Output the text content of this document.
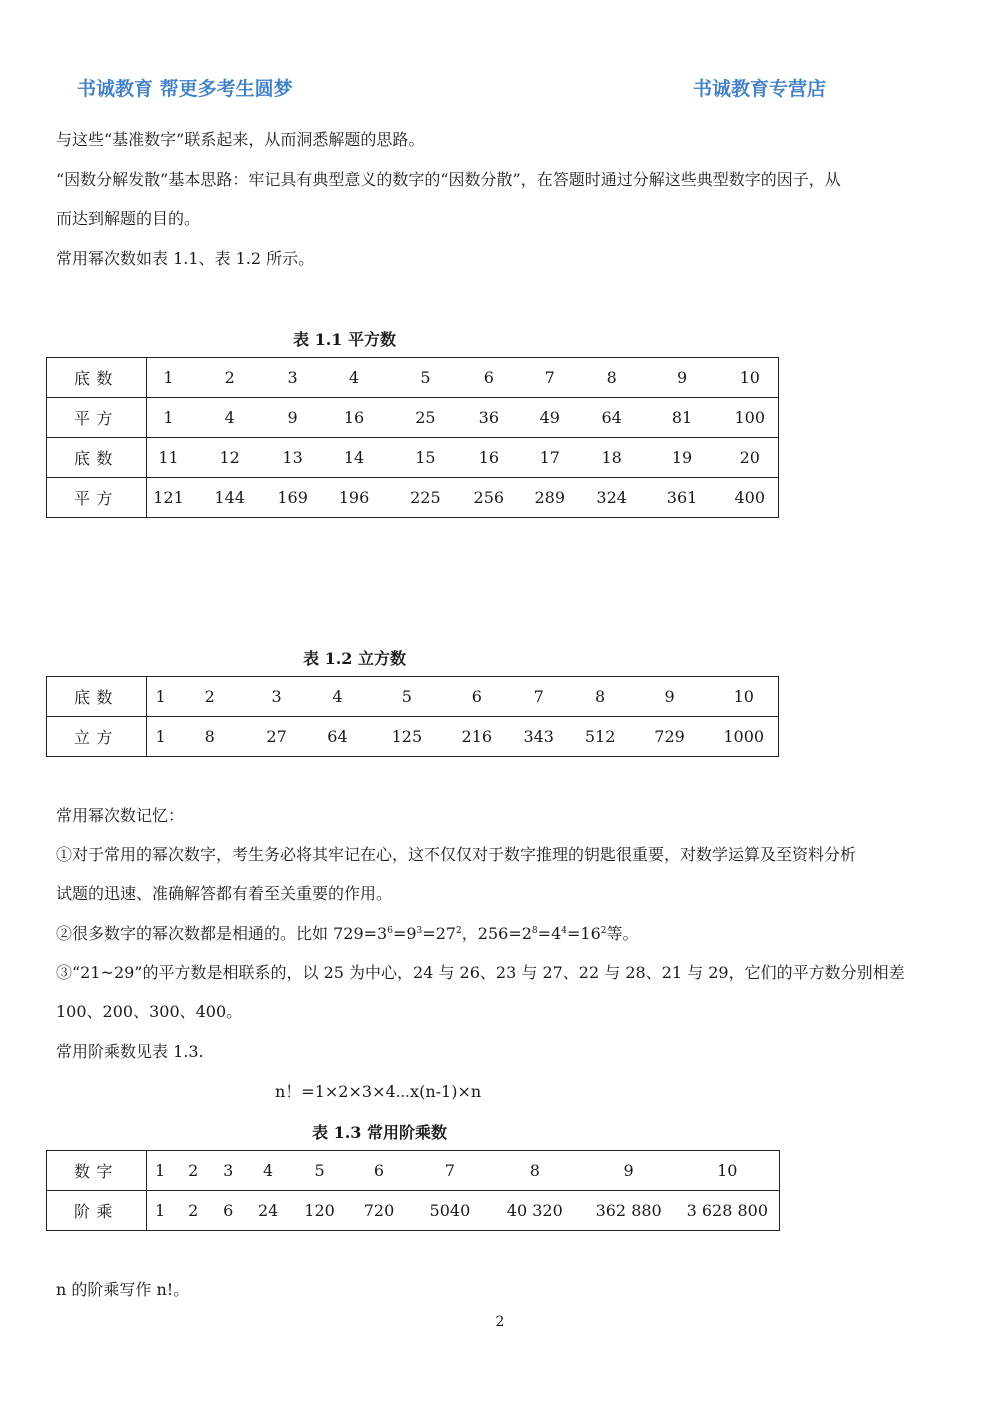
书诚教育 帮更多考生圆梦	书诚教育专营店
与这些“基准数字”联系起来，从而洞悉解题的思路。
“因数分解发散”基本思路：牢记具有典型意义的数字的“因数分散”，在答题时通过分解这些典型数字的因子，从
而达到解题的目的。
常用幂次数如表 1.1、表 1.2 所示。
表 1.1 平方数
底数	1	2	3	4	5	6	7	8	9	10
平方	1	4	9	16	25	36	49	64	81	100
底数	11	12	13	14	15	16	17	18	19	20
平方	121	144	169	196	225	256	289	324	361	400
表 1.2 立方数
底数	1	2	3	4	5	6	7	8	9	10
立方	1	8	27	64	125	216	343	512	729	1000
常用幂次数记忆：
①对于常用的幂次数字，考生务必将其牢记在心，这不仅仅对于数字推理的钥匙很重要，对数学运算及至资料分析
试题的迅速、准确解答都有着至关重要的作用。
②很多数字的幂次数都是相通的。比如 $729=3^6=9^3=27^2$，$256=2^8=4^4=16^2$等。
③“21~29”的平方数是相联系的，以 25 为中心，24 与 26、23 与 27、22 与 28、21 与 29，它们的平方数分别相差
100、200、300、400。
常用阶乘数见表 1.3.
n！=1×2×3×4⋯x(n-1)×n
表 1.3 常用阶乘数
数字	1	2	3	4	5	6	7	8	9	10
阶乘	1	2	6	24	120	720	5040	40 320	362 880	3 628 800
n 的阶乘写作 n!。
2
